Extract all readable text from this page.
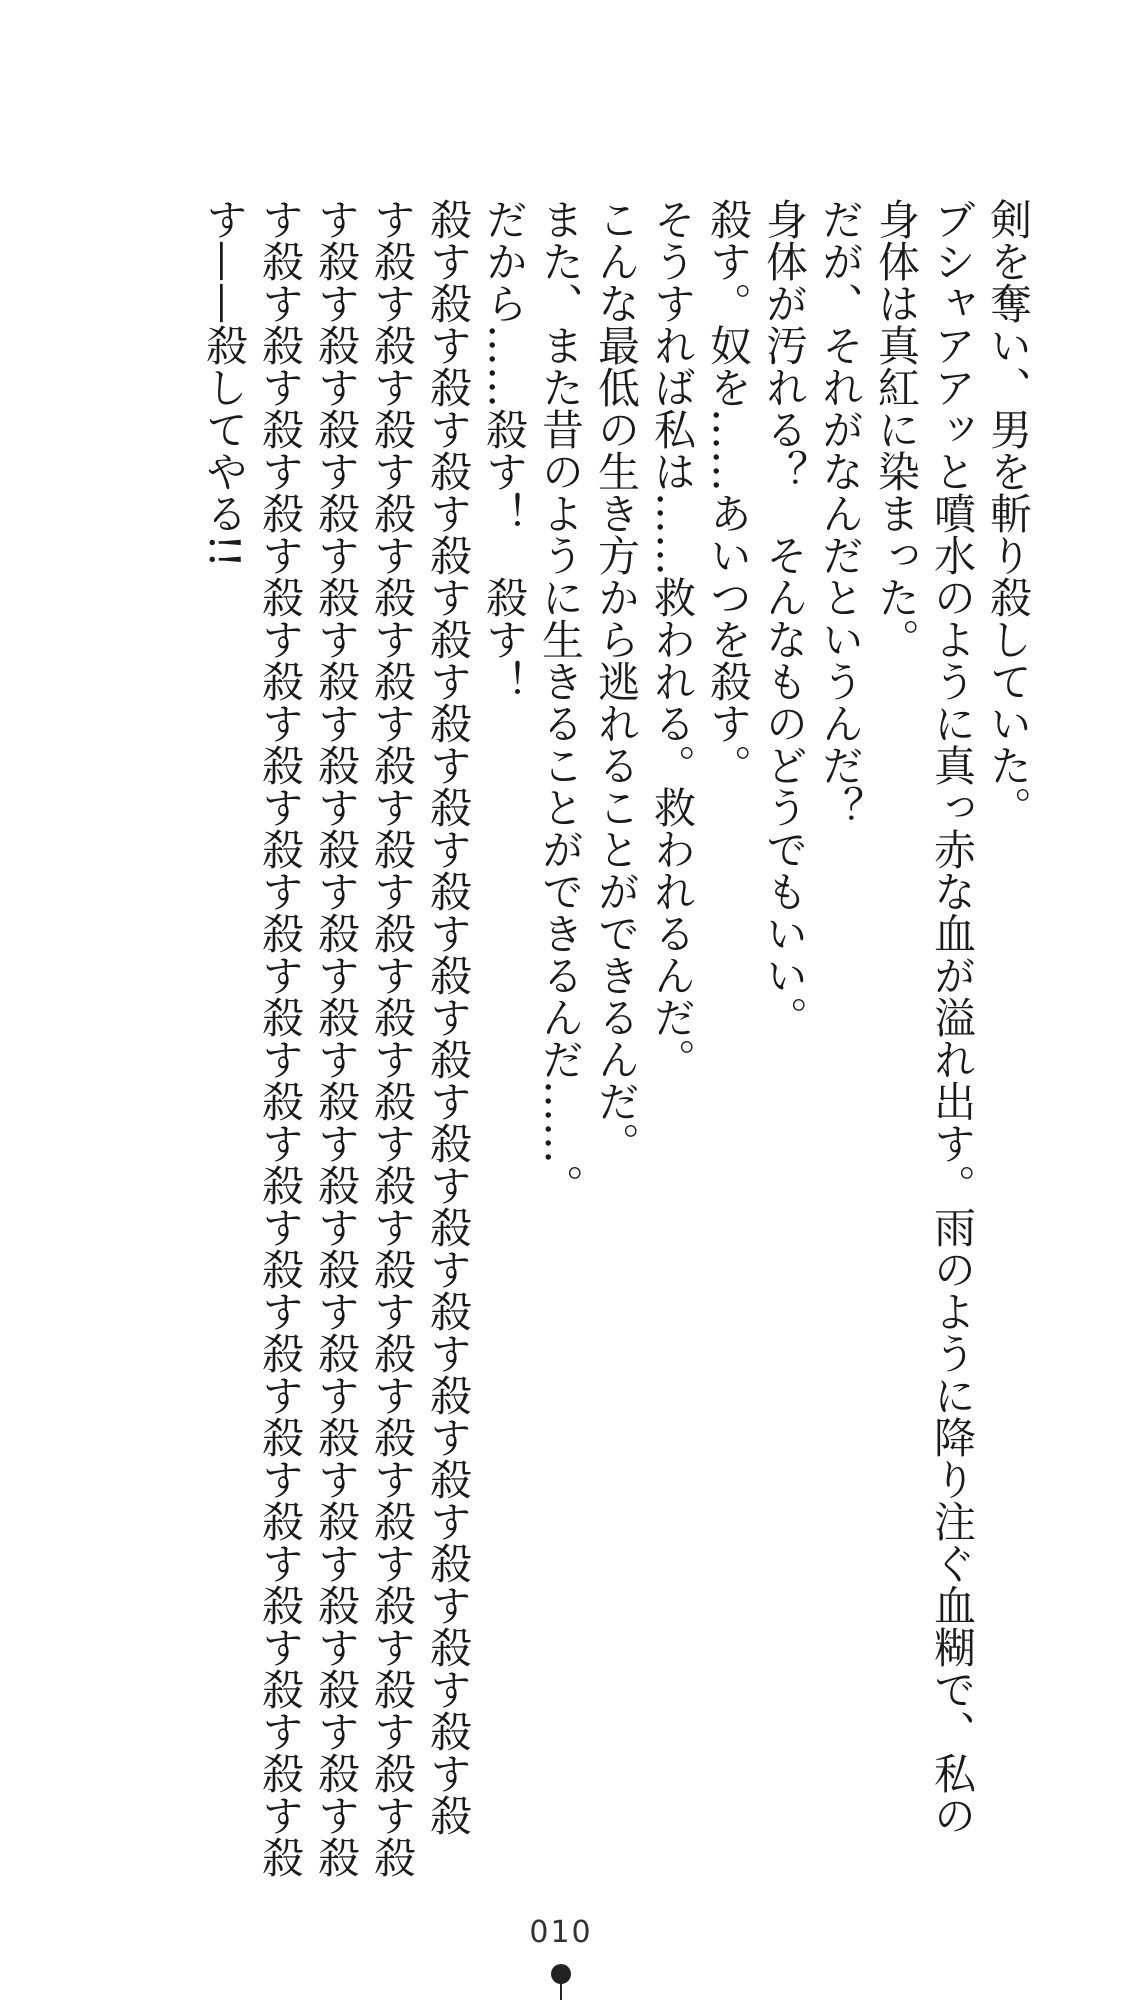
剣を奪い、男を斬り殺していた。
ブシャアアッと噴水のように真っ赤な血が溢れ出す。雨のように降り注ぐ血糊で、私の
身体は真紅に染まった。
だが、それがなんだというんだ？
身体が汚れる？　そんなものどうでもいい。
殺す。奴を……あいつを殺す。
そうすれば私は……救われる。救われるんだ。
こんな最低の生き方から逃れることができるんだ。
また、また昔のように生きることができるんだ……。
だから……殺す！　殺す！
殺す殺す殺す殺す殺す殺す殺す殺す殺す殺す殺す殺す殺す殺す殺す殺す殺す殺す殺す殺
す殺す殺す殺す殺す殺す殺す殺す殺す殺す殺す殺す殺す殺す殺す殺す殺す殺す殺す殺す殺
す殺す殺す殺す殺す殺す殺す殺す殺す殺す殺す殺す殺す殺す殺す殺す殺す殺す殺す殺す殺
す殺す殺す殺す殺す殺す殺す殺す殺す殺す殺す殺す殺す殺す殺す殺す殺す殺す殺す殺す殺
す——殺してやる!!
010
